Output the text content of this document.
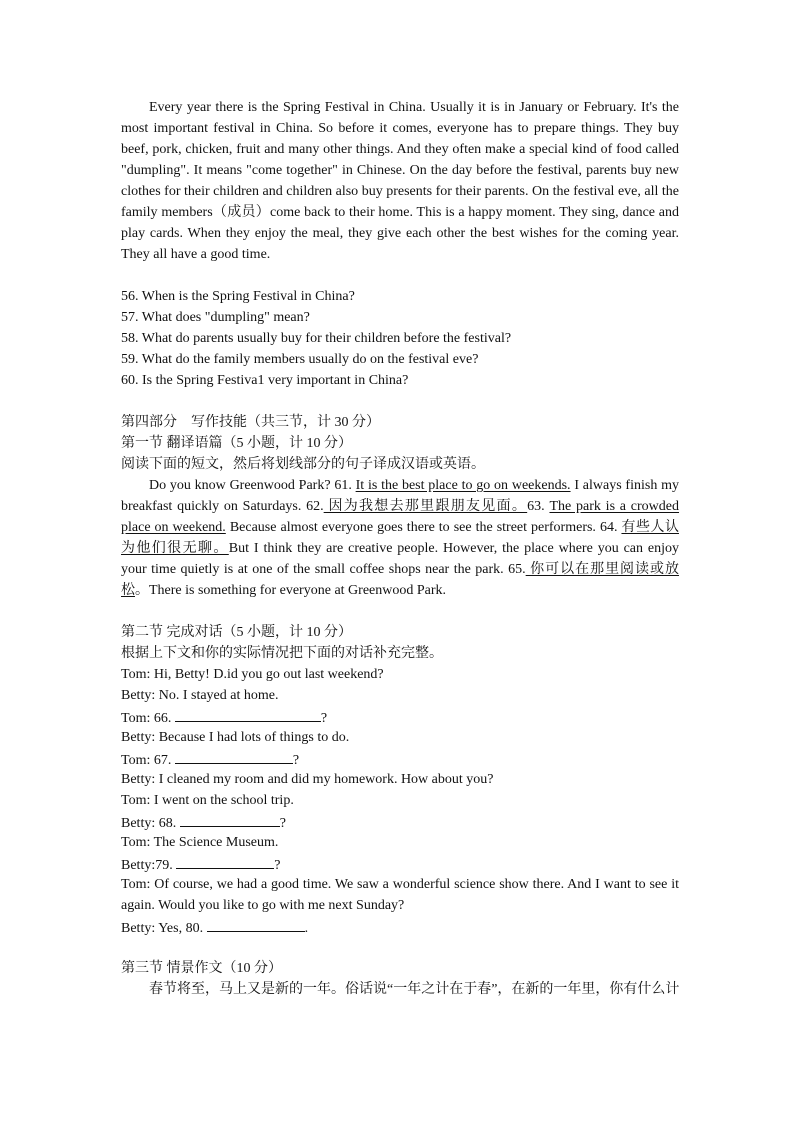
Every year there is the Spring Festival in China. Usually it is in January or February. It's the most important festival in China. So before it comes, everyone has to prepare things. They buy beef, pork, chicken, fruit and many other things. And they often make a special kind of food called "dumpling". It means "come together" in Chinese. On the day before the festival, parents buy new clothes for their children and children also buy presents for their parents. On the festival eve, all the family members（成员）come back to their home. This is a happy moment. They sing, dance and play cards. When they enjoy the meal, they give each other the best wishes for the coming year. They all have a good time.

56. When is the Spring Festival in China?

57. What does "dumpling" mean?

58. What do parents usually buy for their children before the festival?

59. What do the family members usually do on the festival eve?

60. Is the Spring Festiva1 very important in China?

第四部分　写作技能（共三节，计 30 分）

第一节 翻译语篇（5 小题，计 10 分）

阅读下面的短文，然后将划线部分的句子译成汉语或英语。

Do you know Greenwood Park? 61. It is the best place to go on weekends. I always finish my breakfast quickly on Saturdays. 62. 因为我想去那里跟朋友见面。63. The park is a crowded place on weekend. Because almost everyone goes there to see the street performers. 64. 有些人认为他们很无聊。But I think they are creative people. However, the place where you can enjoy your time quietly is at one of the small coffee shops near the park. 65. 你可以在那里阅读或放松。There is something for everyone at Greenwood Park.

第二节 完成对话（5 小题，计 10 分）

根据上下文和你的实际情况把下面的对话补充完整。

Tom: Hi, Betty! D.id you go out last weekend?

Betty: No. I stayed at home.

Tom: 66.	?

Betty: Because I had lots of things to do.

Tom: 67.	?

Betty: I cleaned my room and did my homework. How about you?

Tom: I went on the school trip.

Betty: 68.	?

Tom: The Science Museum.

Betty:79.	?

Tom: Of course, we had a good time. We saw a wonderful science show there. And I want to see it again. Would you like to go with me next Sunday?

Betty: Yes, 80.	.

第三节 情景作文（10 分）

春节将至，马上又是新的一年。俗话说“一年之计在于春”，在新的一年里，你有什么计
